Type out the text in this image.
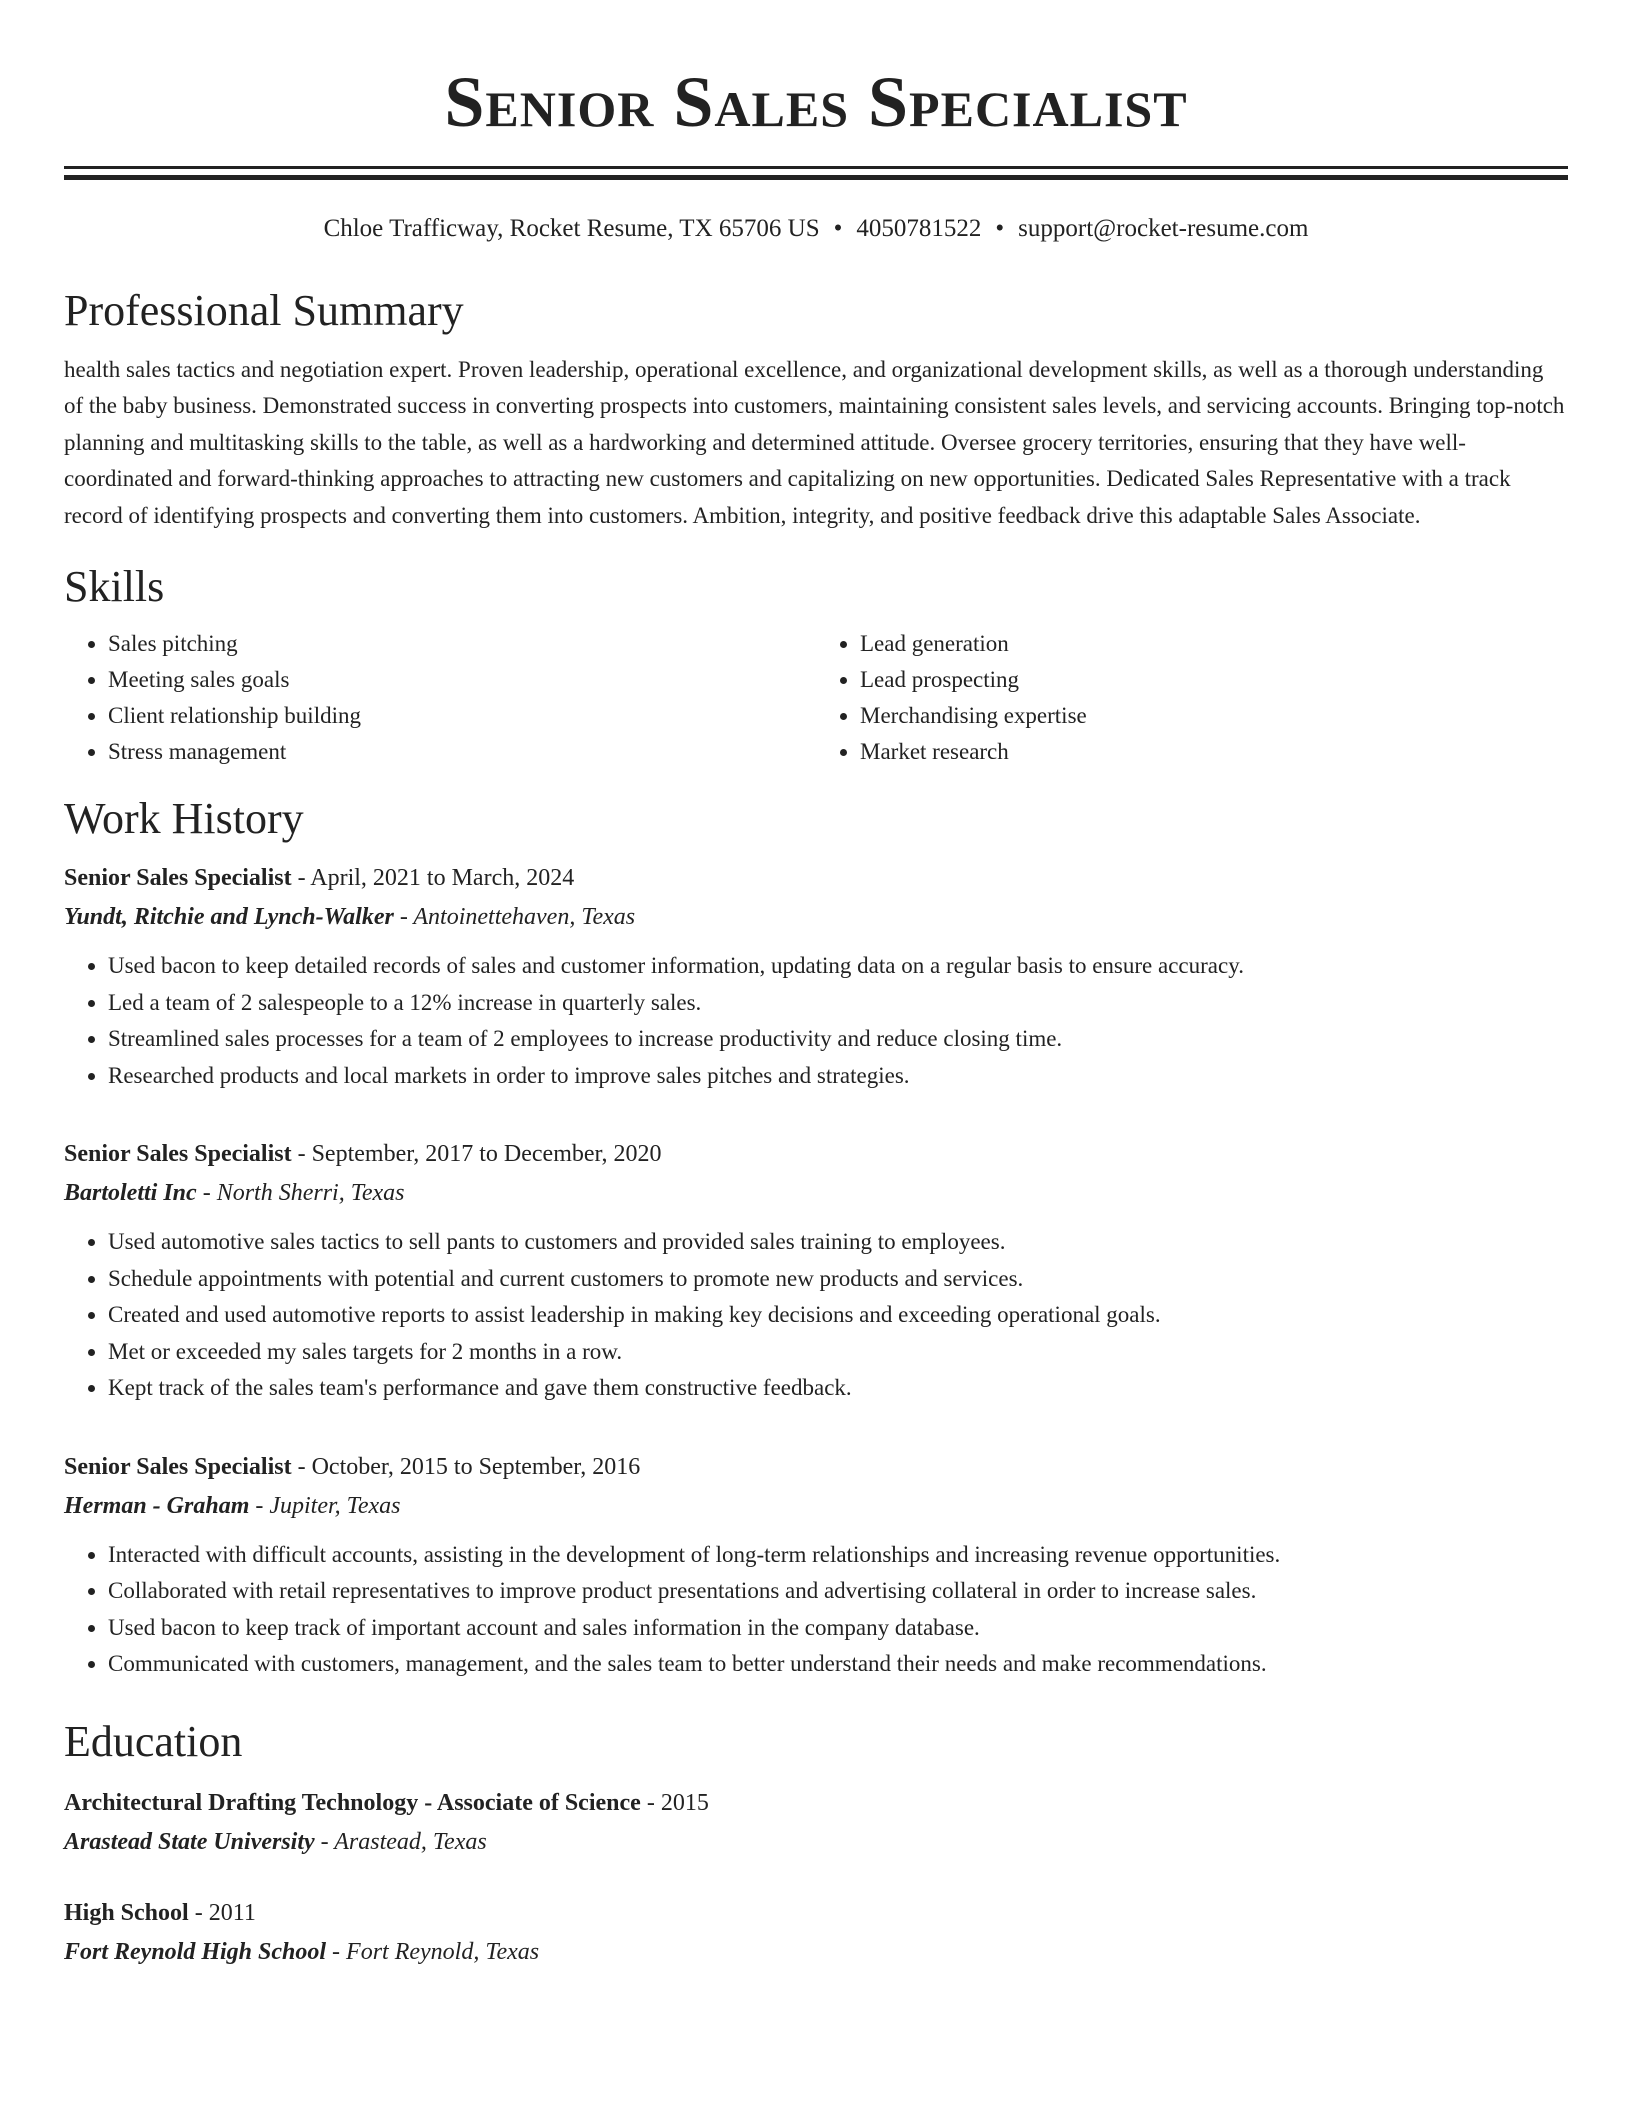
Senior Sales Specialist
Chloe Trafficway, Rocket Resume, TX 65706 US • 4050781522 • support@rocket-resume.com
Professional Summary

health sales tactics and negotiation expert. Proven leadership, operational excellence, and organizational development skills, as well as a thorough understanding of the baby business. Demonstrated success in converting prospects into customers, maintaining consistent sales levels, and servicing accounts. Bringing top-notch planning and multitasking skills to the table, as well as a hardworking and determined attitude. Oversee grocery territories, ensuring that they have well-coordinated and forward-thinking approaches to attracting new customers and capitalizing on new opportunities. Dedicated Sales Representative with a track record of identifying prospects and converting them into customers. Ambition, integrity, and positive feedback drive this adaptable Sales Associate.

Skills
• Sales pitching
• Meeting sales goals
• Client relationship building
• Stress management
• Lead generation
• Lead prospecting
• Merchandising expertise
• Market research
Work History
Senior Sales Specialist - April, 2021 to March, 2024
Yundt, Ritchie and Lynch-Walker - Antoinettehaven, Texas
• Used bacon to keep detailed records of sales and customer information, updating data on a regular basis to ensure accuracy.
• Led a team of 2 salespeople to a 12% increase in quarterly sales.
• Streamlined sales processes for a team of 2 employees to increase productivity and reduce closing time.
• Researched products and local markets in order to improve sales pitches and strategies.
Senior Sales Specialist - September, 2017 to December, 2020
Bartoletti Inc - North Sherri, Texas
• Used automotive sales tactics to sell pants to customers and provided sales training to employees.
• Schedule appointments with potential and current customers to promote new products and services.
• Created and used automotive reports to assist leadership in making key decisions and exceeding operational goals.
• Met or exceeded my sales targets for 2 months in a row.
• Kept track of the sales team's performance and gave them constructive feedback.
Senior Sales Specialist - October, 2015 to September, 2016
Herman - Graham - Jupiter, Texas
• Interacted with difficult accounts, assisting in the development of long-term relationships and increasing revenue opportunities.
• Collaborated with retail representatives to improve product presentations and advertising collateral in order to increase sales.
• Used bacon to keep track of important account and sales information in the company database.
• Communicated with customers, management, and the sales team to better understand their needs and make recommendations.
Education
Architectural Drafting Technology - Associate of Science - 2015
Arastead State University - Arastead, Texas
High School - 2011
Fort Reynold High School - Fort Reynold, Texas
